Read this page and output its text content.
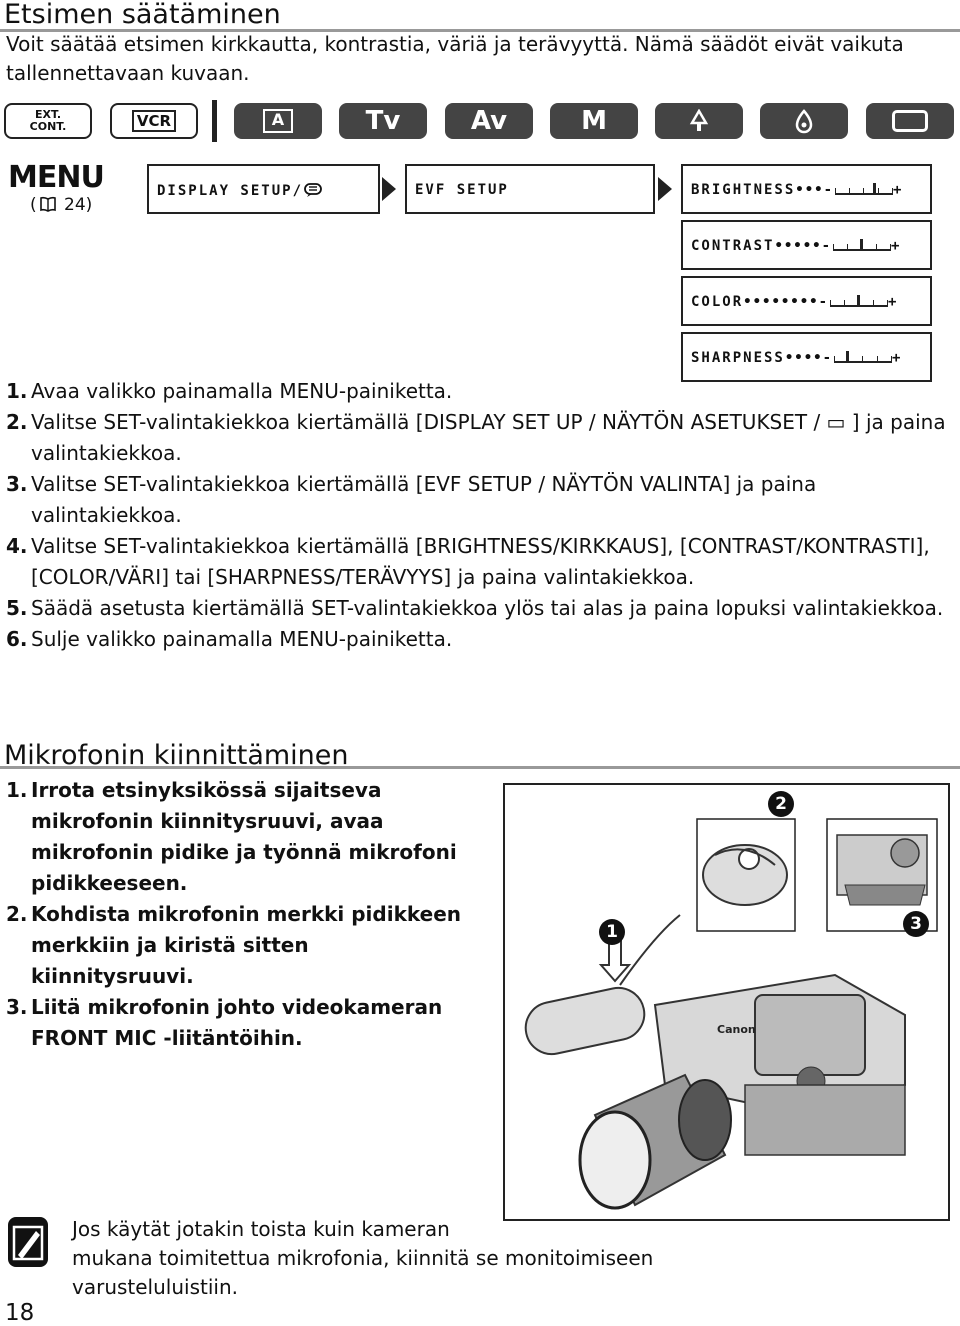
Etsimen säätäminen
Voit säätää etsimen kirkkautta, kontrastia, väriä ja terävyyttä. Nämä säädöt eivät vaikuta tallennettavaan kuvaan.
EXT.
CONT.	VCR	A	Tv	Av	M
MENU
( 24)
DISPLAY SETUP/	EVF SETUP	BRIGHTNESS•••-	+
CONTRAST•••••-	+
COLOR••••••••-	+
SHARPNESS••••-	+
1. Avaa valikko painamalla MENU-painiketta.
2. Valitse SET-valintakiekkoa kiertämällä [DISPLAY SET UP / NÄYTÖN ASETUKSET / ▭ ] ja paina valintakiekkoa.
3. Valitse SET-valintakiekkoa kiertämällä [EVF SETUP / NÄYTÖN VALINTA] ja paina valintakiekkoa.
4. Valitse SET-valintakiekkoa kiertämällä [BRIGHTNESS/KIRKKAUS], [CONTRAST/KONTRASTI], [COLOR/VÄRI] tai [SHARPNESS/TERÄVYYS] ja paina valintakiekkoa.
5. Säädä asetusta kiertämällä SET-valintakiekkoa ylös tai alas ja paina lopuksi valintakiekkoa.
6. Sulje valikko painamalla MENU-painiketta.
Mikrofonin kiinnittäminen
1. Irrota etsinyksikössä sijaitseva mikrofonin kiinnitysruuvi, avaa mikrofonin pidike ja työnnä mikrofoni pidikkeeseen.
2. Kohdista mikrofonin merkki pidikkeen merkkiin ja kiristä sitten kiinnitysruuvi.
3. Liitä mikrofonin johto videokameran FRONT MIC -liitäntöihin.	Canon
2
1	3
Jos käytät jotakin toista kuin kameran
mukana toimitettua mikrofonia, kiinnitä se monitoimiseen varusteluluistiin.
18
